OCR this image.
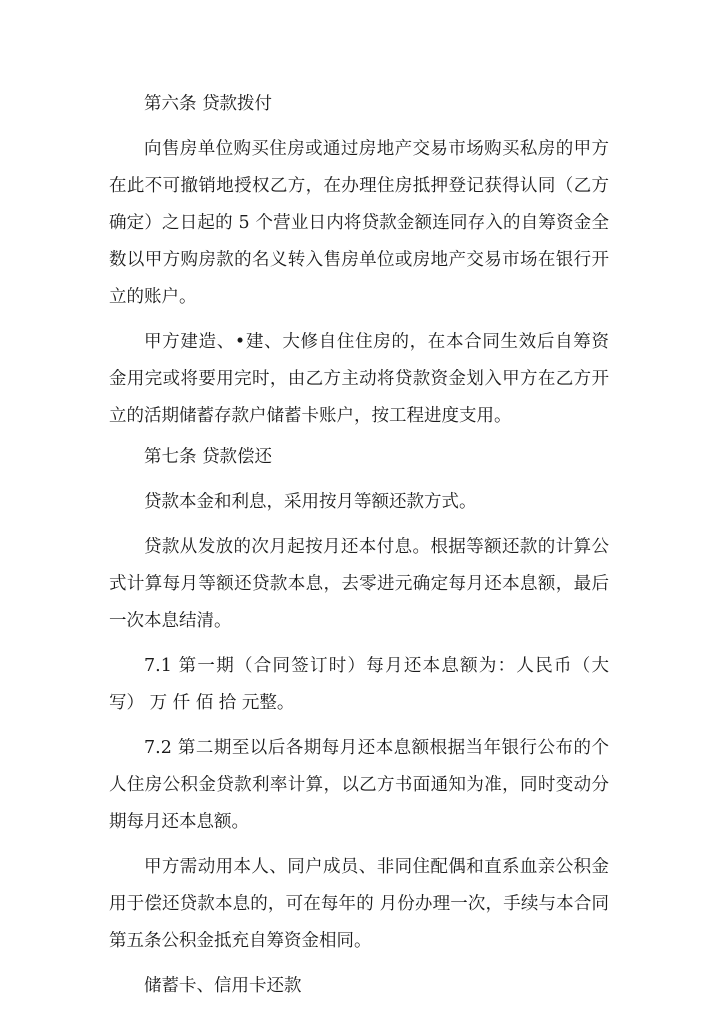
第六条 贷款拨付

向售房单位购买住房或通过房地产交易市场购买私房的甲方在此不可撤销地授权乙方，在办理住房抵押登记获得认同（乙方确定）之日起的 5 个营业日内将贷款金额连同存入的自筹资金全数以甲方购房款的名义转入售房单位或房地产交易市场在银行开立的账户。

甲方建造、•建、大修自住住房的，在本合同生效后自筹资金用完或将要用完时，由乙方主动将贷款资金划入甲方在乙方开立的活期储蓄存款户储蓄卡账户，按工程进度支用。

第七条 贷款偿还

贷款本金和利息，采用按月等额还款方式。

贷款从发放的次月起按月还本付息。根据等额还款的计算公式计算每月等额还贷款本息，去零进元确定每月还本息额，最后一次本息结清。

7.1 第一期（合同签订时）每月还本息额为：人民币（大写） 万 仟 佰 拾 元整。

7.2 第二期至以后各期每月还本息额根据当年银行公布的个人住房公积金贷款利率计算，以乙方书面通知为准，同时变动分期每月还本息额。

甲方需动用本人、同户成员、非同住配偶和直系血亲公积金用于偿还贷款本息的，可在每年的 月份办理一次，手续与本合同第五条公积金抵充自筹资金相同。

储蓄卡、信用卡还款
